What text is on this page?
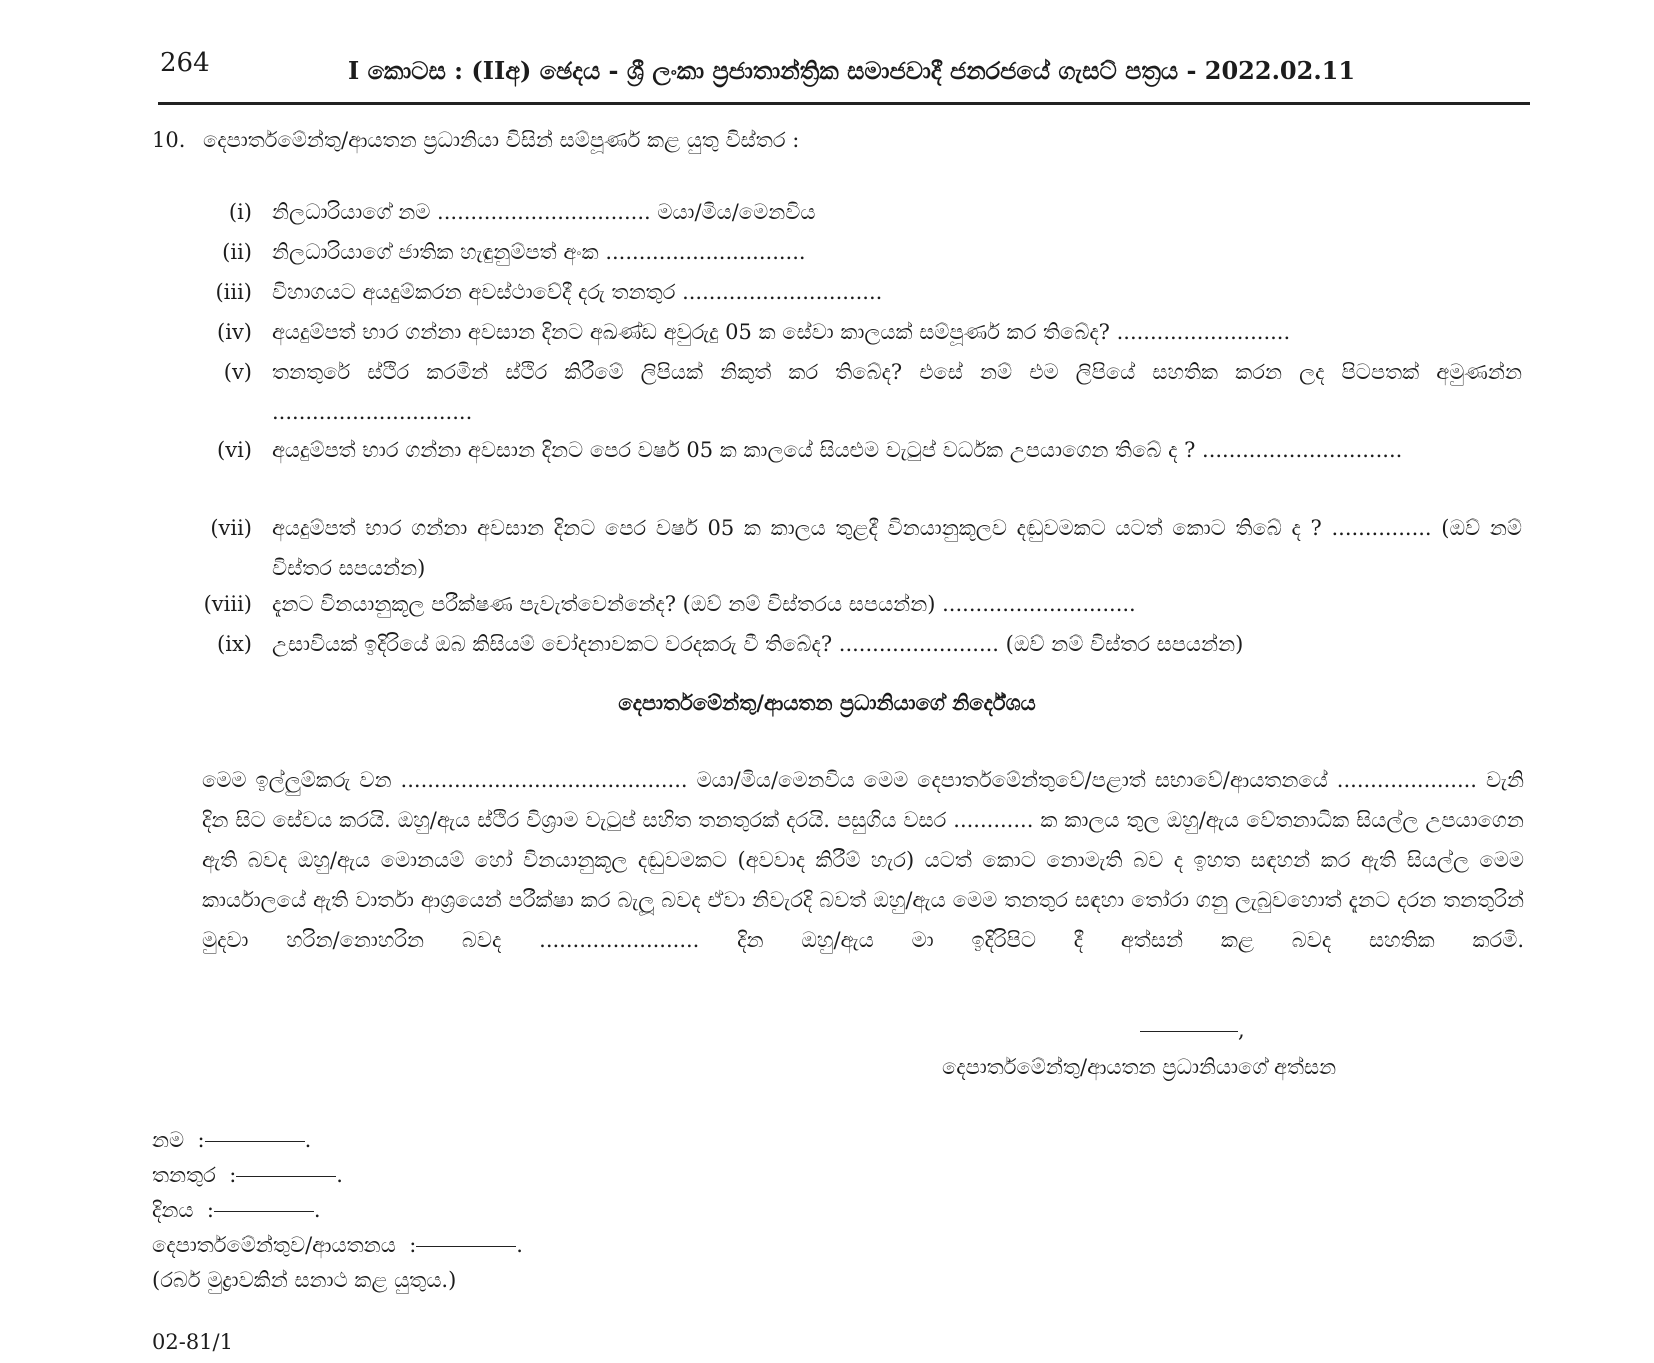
264	I කොටස : (IIඅ) ඡෙදය - ශ්‍රී ලංකා ප්‍රජාතාන්ත්‍රික සමාජවාදී ජනරජයේ ගැසට් පත්‍රය - 2022.02.11
10. දෙපාර්තමේන්තු/ආයතන ප්‍රධානියා විසින් සම්පූර්ණ කළ යුතු විස්තර :
(i) නිලධාරියාගේ නම ................................ මයා/මිය/මෙනවිය
(ii) නිලධාරියාගේ ජාතික හැඳුනුම්පත් අංක ..............................
(iii) විහාගයට අයදුම්කරන අවස්ථාවේදී දරු තනතුර ..............................
(iv) අයදුම්පත් භාර ගන්නා අවසාන දිනට අඛණ්ඩ අවුරුදු 05 ක සේවා කාලයක් සම්පූර්ණ කර තිබේද? ..........................
(v) තනතුරේ ස්ථිර කරමින් ස්ථිර කිරීමේ ලිපියක් නිකුත් කර තිබේද? එසේ නම් එම ලිපියේ සහතික කරන ලද පිටපතක් අමුණන්න ..............................
(vi) අයදුම්පත් භාර ගන්නා අවසාන දිනට පෙර වර්ෂ 05 ක කාලයේ සියළුම වැටුප් වර්ධක උපයාගෙන තිබේ ද ? ..............................
(vii) අයදුම්පත් භාර ගන්නා අවසාන දිනට පෙර වර්ෂ 05 ක කාලය තුළදී විනයානුකූලව දඬුවමකට යටත් කොට තිබේ ද ? ............... (ඔව් නම් විස්තර සපයන්න)
(viii) දැනට විනයානුකූල පරීක්ෂණ පැවැත්වෙන්නේද? (ඔව් නම් විස්තරය සපයන්න) .............................
(ix) උසාවියක් ඉදිරියේ ඔබ කිසියම් චෝදනාවකට වරදකරු වී තිබේද? ........................ (ඔව් නම් විස්තර සපයන්න)
දෙපාර්තමේන්තු/ආයතන ප්‍රධානියාගේ නිර්දේශය
මෙම ඉල්ලුම්කරු වන ........................................... මයා/මිය/මෙනවිය මෙම දෙපාර්තමේන්තුවේ/පළාත් සභාවේ/ආයතනයේ ..................... වැනි දින සිට සේවය කරයි. ඔහු/ඇය ස්ථිර විශ්‍රාම වැටුප් සහිත තනතුරක් දරයි. පසුගිය වසර ............ ක කාලය තුල ඔහු/ඇය වේතනාධික සියල්ල උපයාගෙන ඇති බවද ඔහු/ඇය මොනයම් හෝ විනයානුකූල දඬුවමකට (අවවාද කිරීම් හැර) යටත් කොට නොමැති බව ද ඉහත සඳහන් කර ඇති සියල්ල මෙම කාර්යාලයේ ඇති වාර්තා ආශ්‍රයෙන් පරීක්ෂා කර බැලූ බවද ඒවා නිවැරදි බවත් ඔහු/ඇය මෙම තනතුර සඳහා තෝරා ගනු ලැබුවහොත් දැනට දරන තනතුරින් මුදවා හරින/නොහරින බවද ........................ දින ඔහු/ඇය මා ඉදිරිපිට දී අත්සන් කළ බවද සහතික කරමි.
,
දෙපාර්තමේන්තු/ආයතන ප්‍රධානියාගේ අත්සන
නම  :	.
තනතුර  :	.
දිනය  :	.
දෙපාර්තමේන්තුව/ආයතනය  :	.
(රබර් මුද්‍රාවකින් සනාථ කළ යුතුය.)
02-81/1
